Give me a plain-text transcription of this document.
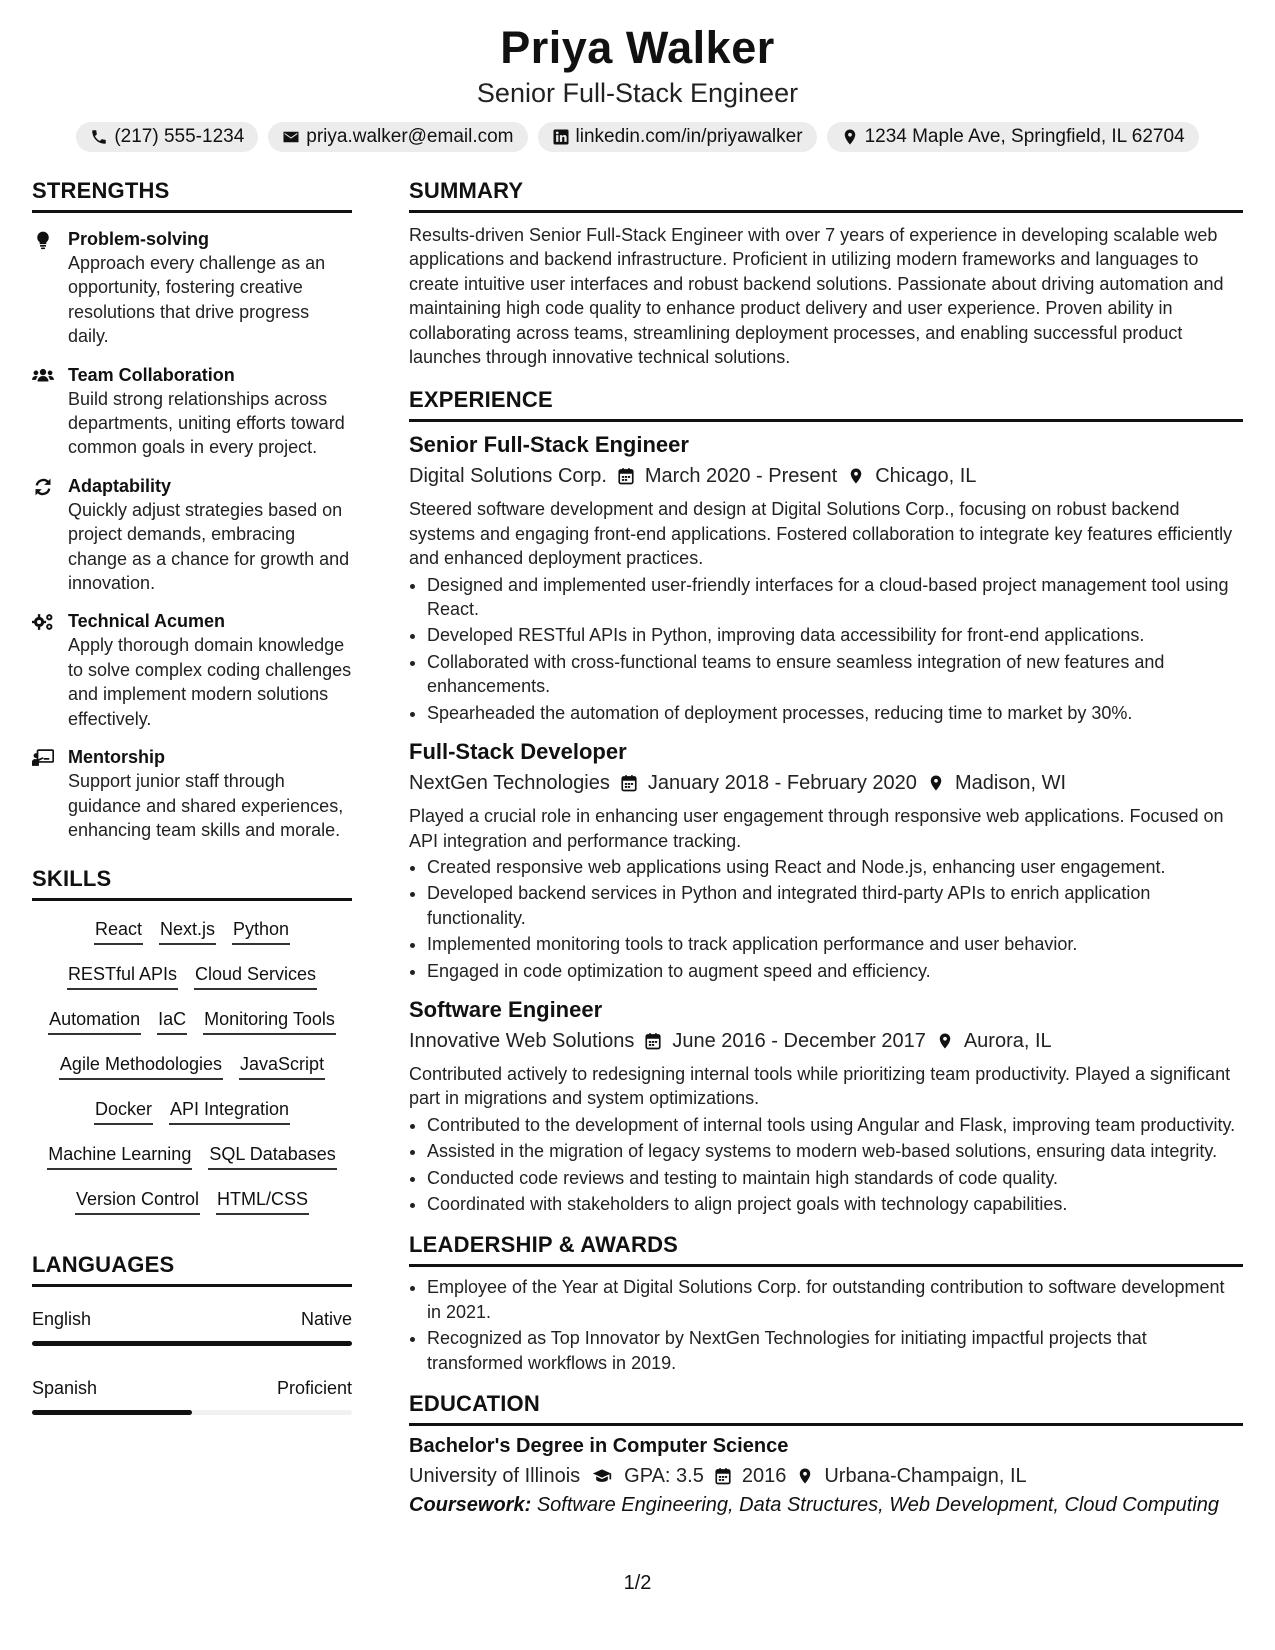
Priya Walker
Senior Full-Stack Engineer
(217) 555-1234	priya.walker@email.com	linkedin.com/in/priyawalker	1234 Maple Ave, Springfield, IL 62704
STRENGTHS
Problem-solving
Approach every challenge as an opportunity, fostering creative resolutions that drive progress daily.
Team Collaboration
Build strong relationships across departments, uniting efforts toward common goals in every project.
Adaptability
Quickly adjust strategies based on project demands, embracing change as a chance for growth and innovation.
Technical Acumen
Apply thorough domain knowledge to solve complex coding challenges and implement modern solutions effectively.
Mentorship
Support junior staff through guidance and shared experiences, enhancing team skills and morale.
SKILLS
React Next.js Python
RESTful APIs Cloud Services
Automation IaC Monitoring Tools
Agile Methodologies JavaScript
Docker API Integration
Machine Learning SQL Databases
Version Control HTML/CSS
LANGUAGES
English	Native
Spanish	Proficient
SUMMARY
Results-driven Senior Full-Stack Engineer with over 7 years of experience in developing scalable web applications and backend infrastructure. Proficient in utilizing modern frameworks and languages to create intuitive user interfaces and robust backend solutions. Passionate about driving automation and maintaining high code quality to enhance product delivery and user experience. Proven ability in collaborating across teams, streamlining deployment processes, and enabling successful product launches through innovative technical solutions.
EXPERIENCE
Senior Full-Stack Engineer
Digital Solutions Corp. March 2020 - Present Chicago, IL
Steered software development and design at Digital Solutions Corp., focusing on robust backend systems and engaging front-end applications. Fostered collaboration to integrate key features efficiently and enhanced deployment practices.
• Designed and implemented user-friendly interfaces for a cloud-based project management tool using React.
• Developed RESTful APIs in Python, improving data accessibility for front-end applications.
• Collaborated with cross-functional teams to ensure seamless integration of new features and enhancements.
• Spearheaded the automation of deployment processes, reducing time to market by 30%.
Full-Stack Developer
NextGen Technologies January 2018 - February 2020 Madison, WI
Played a crucial role in enhancing user engagement through responsive web applications. Focused on API integration and performance tracking.
• Created responsive web applications using React and Node.js, enhancing user engagement.
• Developed backend services in Python and integrated third-party APIs to enrich application functionality.
• Implemented monitoring tools to track application performance and user behavior.
• Engaged in code optimization to augment speed and efficiency.
Software Engineer
Innovative Web Solutions June 2016 - December 2017 Aurora, IL
Contributed actively to redesigning internal tools while prioritizing team productivity. Played a significant part in migrations and system optimizations.
• Contributed to the development of internal tools using Angular and Flask, improving team productivity.
• Assisted in the migration of legacy systems to modern web-based solutions, ensuring data integrity.
• Conducted code reviews and testing to maintain high standards of code quality.
• Coordinated with stakeholders to align project goals with technology capabilities.
LEADERSHIP & AWARDS
• Employee of the Year at Digital Solutions Corp. for outstanding contribution to software development in 2021.
• Recognized as Top Innovator by NextGen Technologies for initiating impactful projects that transformed workflows in 2019.
EDUCATION
Bachelor's Degree in Computer Science
University of Illinois GPA: 3.5 2016 Urbana-Champaign, IL
Coursework: Software Engineering, Data Structures, Web Development, Cloud Computing
1/2
